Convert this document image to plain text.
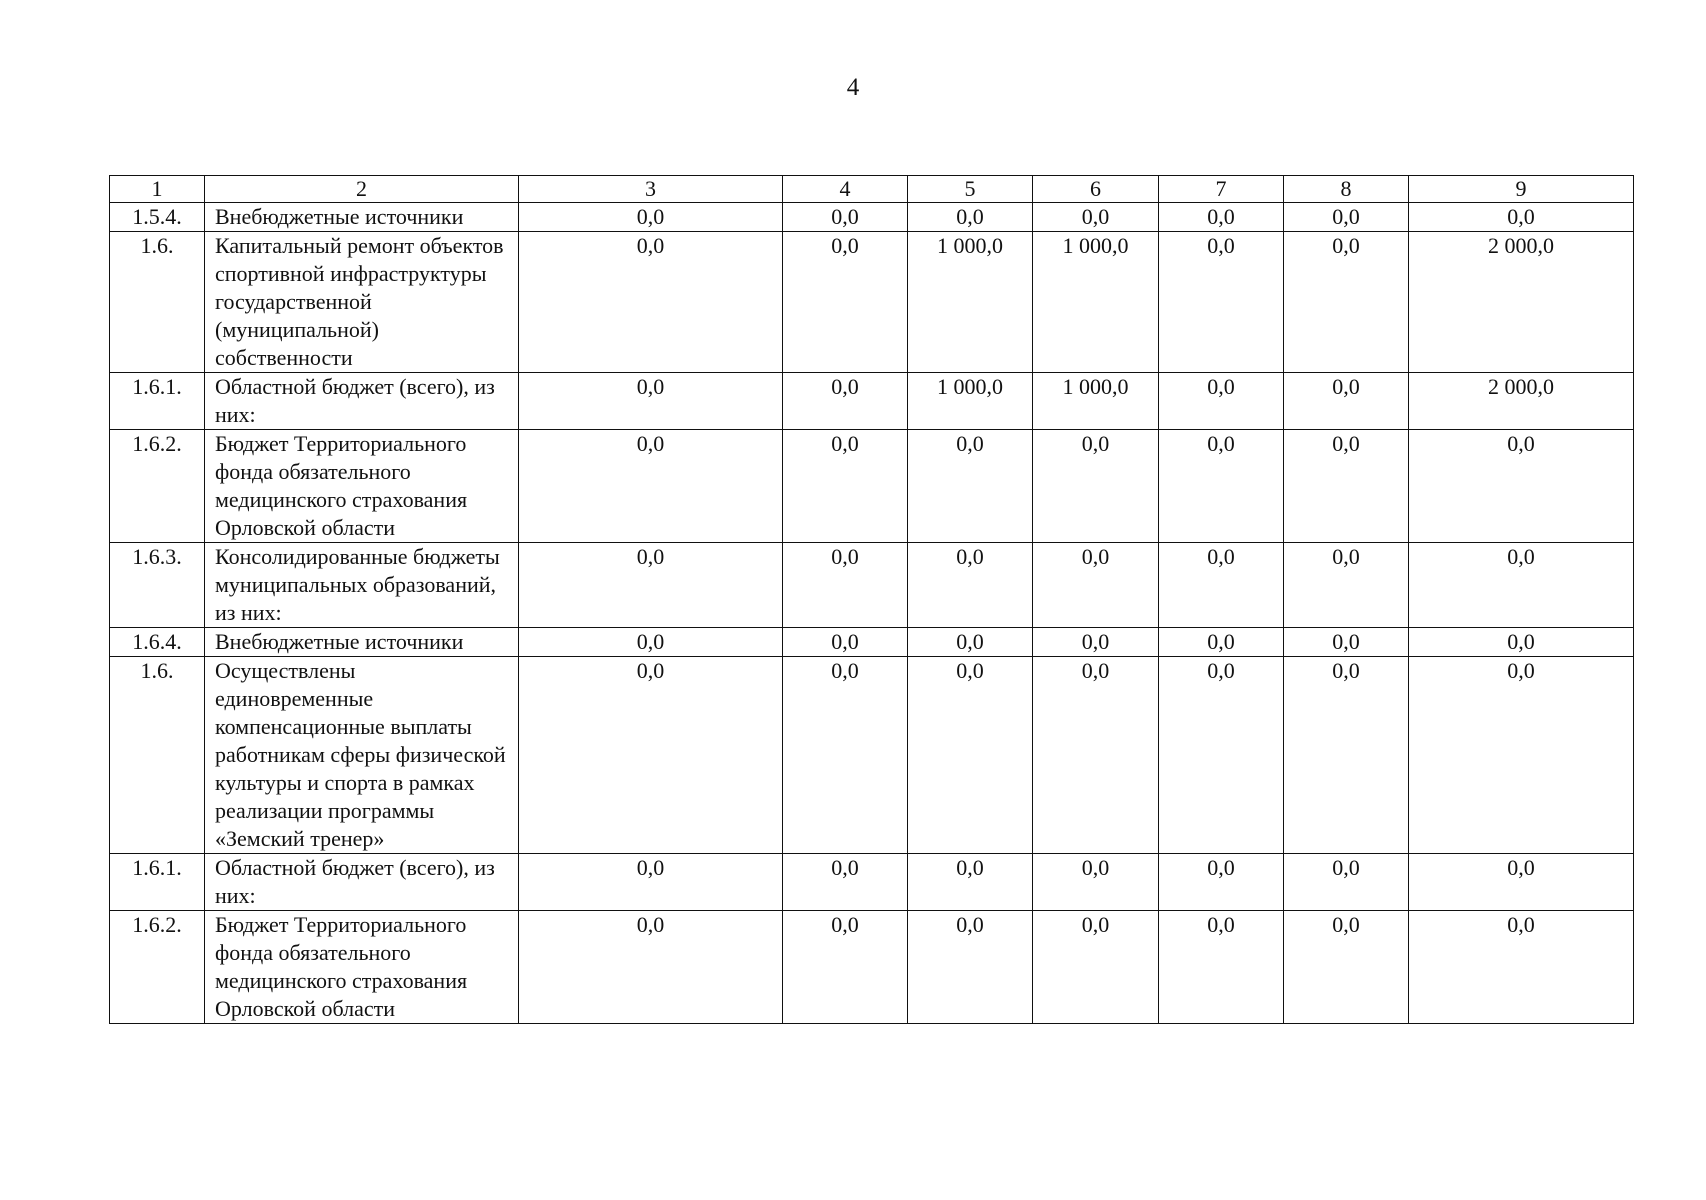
4
1	2	3	4	5	6	7	8	9
1.5.4.	Внебюджетные источники	0,0	0,0	0,0	0,0	0,0	0,0	0,0
1.6.	Капитальный ремонт объектов спортивной инфраструктуры государственной (муниципальной) собственности	0,0	0,0	1 000,0	1 000,0	0,0	0,0	2 000,0
1.6.1.	Областной бюджет (всего), из них:	0,0	0,0	1 000,0	1 000,0	0,0	0,0	2 000,0
1.6.2.	Бюджет Территориального фонда обязательного медицинского страхования Орловской области	0,0	0,0	0,0	0,0	0,0	0,0	0,0
1.6.3.	Консолидированные бюджеты муниципальных образований, из них:	0,0	0,0	0,0	0,0	0,0	0,0	0,0
1.6.4.	Внебюджетные источники	0,0	0,0	0,0	0,0	0,0	0,0	0,0
1.6.	Осуществлены единовременные компенсационные выплаты работникам сферы физической культуры и спорта в рамках реализации программы «Земский тренер»	0,0	0,0	0,0	0,0	0,0	0,0	0,0
1.6.1.	Областной бюджет (всего), из них:	0,0	0,0	0,0	0,0	0,0	0,0	0,0
1.6.2.	Бюджет Территориального фонда обязательного медицинского страхования Орловской области	0,0	0,0	0,0	0,0	0,0	0,0	0,0
